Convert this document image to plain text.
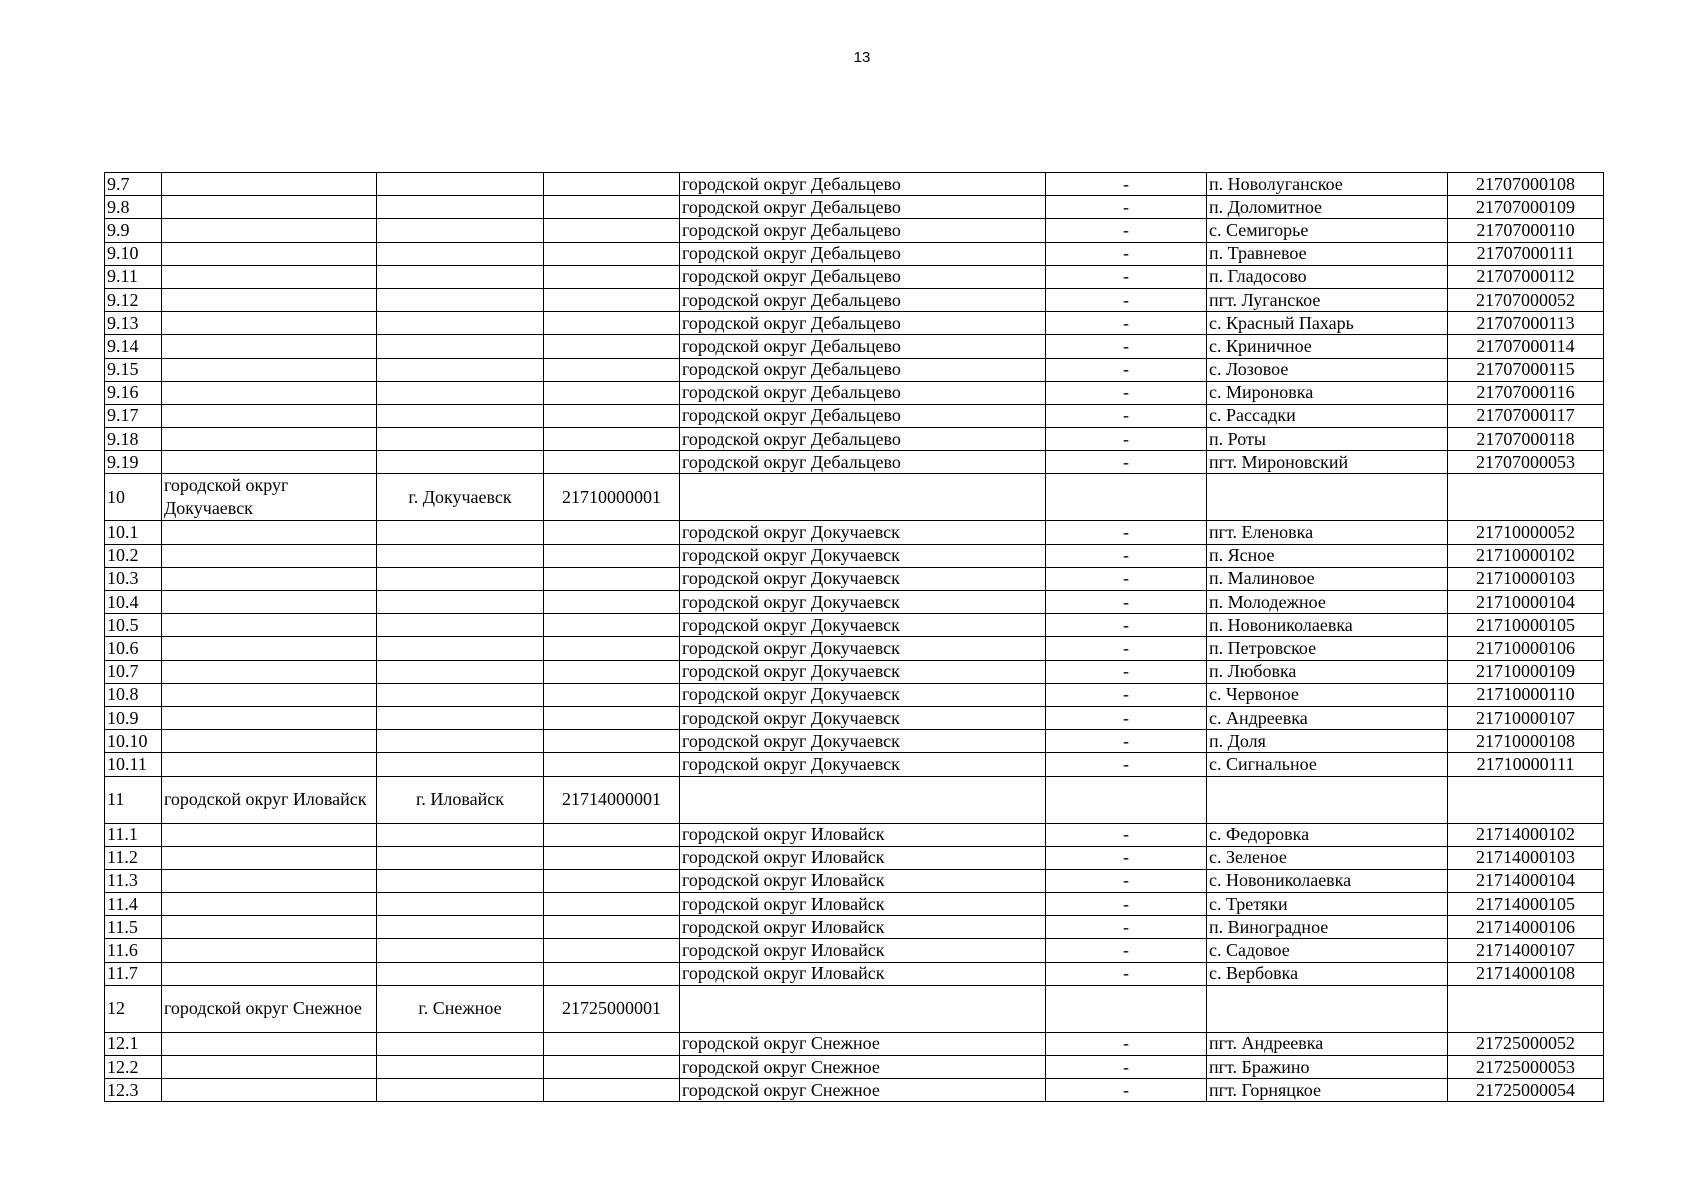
13
9.7				городской округ Дебальцево	-	п. Новолуганское	21707000108
9.8				городской округ Дебальцево	-	п. Доломитное	21707000109
9.9				городской округ Дебальцево	-	с. Семигорье	21707000110
9.10				городской округ Дебальцево	-	п. Травневое	21707000111
9.11				городской округ Дебальцево	-	п. Гладосово	21707000112
9.12				городской округ Дебальцево	-	пгт. Луганское	21707000052
9.13				городской округ Дебальцево	-	с. Красный Пахарь	21707000113
9.14				городской округ Дебальцево	-	с. Криничное	21707000114
9.15				городской округ Дебальцево	-	с. Лозовое	21707000115
9.16				городской округ Дебальцево	-	с. Мироновка	21707000116
9.17				городской округ Дебальцево	-	с. Рассадки	21707000117
9.18				городской округ Дебальцево	-	п. Роты	21707000118
9.19				городской округ Дебальцево	-	пгт. Мироновский	21707000053
10	городской округ Докучаевск	г. Докучаевск	21710000001				
10.1				городской округ Докучаевск	-	пгт. Еленовка	21710000052
10.2				городской округ Докучаевск	-	п. Ясное	21710000102
10.3				городской округ Докучаевск	-	п. Малиновое	21710000103
10.4				городской округ Докучаевск	-	п. Молодежное	21710000104
10.5				городской округ Докучаевск	-	п. Новониколаевка	21710000105
10.6				городской округ Докучаевск	-	п. Петровское	21710000106
10.7				городской округ Докучаевск	-	п. Любовка	21710000109
10.8				городской округ Докучаевск	-	с. Червоное	21710000110
10.9				городской округ Докучаевск	-	с. Андреевка	21710000107
10.10				городской округ Докучаевск	-	п. Доля	21710000108
10.11				городской округ Докучаевск	-	с. Сигнальное	21710000111
11	городской округ Иловайск	г. Иловайск	21714000001				
11.1				городской округ Иловайск	-	с. Федоровка	21714000102
11.2				городской округ Иловайск	-	с. Зеленое	21714000103
11.3				городской округ Иловайск	-	с. Новониколаевка	21714000104
11.4				городской округ Иловайск	-	с. Третяки	21714000105
11.5				городской округ Иловайск	-	п. Виноградное	21714000106
11.6				городской округ Иловайск	-	с. Садовое	21714000107
11.7				городской округ Иловайск	-	с. Вербовка	21714000108
12	городской округ Снежное	г. Снежное	21725000001				
12.1				городской округ Снежное	-	пгт. Андреевка	21725000052
12.2				городской округ Снежное	-	пгт. Бражино	21725000053
12.3				городской округ Снежное	-	пгт. Горняцкое	21725000054
